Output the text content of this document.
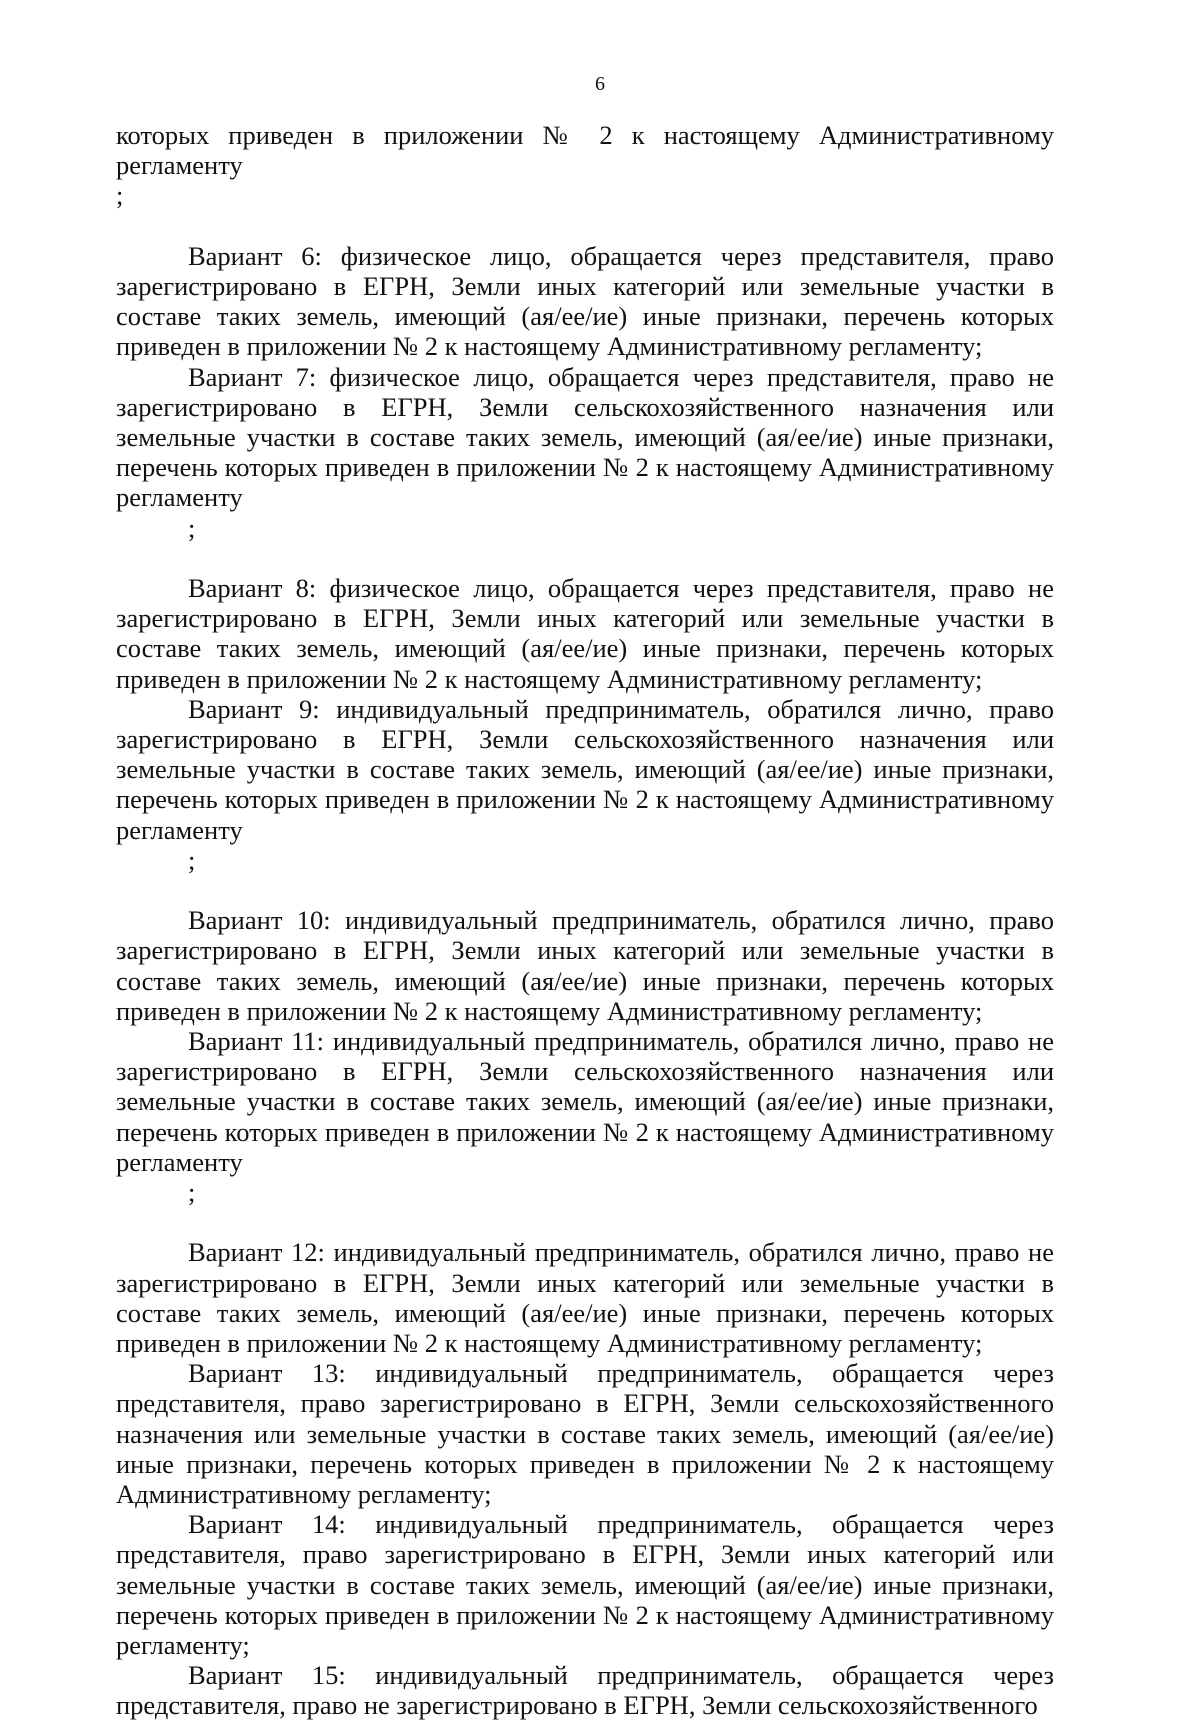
6

которых приведен в приложении № 2 к настоящему Административному регламенту
;

Вариант 6: физическое лицо, обращается через представителя, право зарегистрировано в ЕГРН, Земли иных категорий или земельные участки в составе таких земель, имеющий (ая/ее/ие) иные признаки, перечень которых приведен в приложении № 2 к настоящему Административному регламенту;

Вариант 7: физическое лицо, обращается через представителя, право не зарегистрировано в ЕГРН, Земли сельскохозяйственного назначения или земельные участки в составе таких земель, имеющий (ая/ее/ие) иные признаки, перечень которых приведен в приложении № 2 к настоящему Административному регламенту
;

Вариант 8: физическое лицо, обращается через представителя, право не зарегистрировано в ЕГРН, Земли иных категорий или земельные участки в составе таких земель, имеющий (ая/ее/ие) иные признаки, перечень которых приведен в приложении № 2 к настоящему Административному регламенту;

Вариант 9: индивидуальный предприниматель, обратился лично, право зарегистрировано в ЕГРН, Земли сельскохозяйственного назначения или земельные участки в составе таких земель, имеющий (ая/ее/ие) иные признаки, перечень которых приведен в приложении № 2 к настоящему Административному регламенту
;

Вариант 10: индивидуальный предприниматель, обратился лично, право зарегистрировано в ЕГРН, Земли иных категорий или земельные участки в составе таких земель, имеющий (ая/ее/ие) иные признаки, перечень которых приведен в приложении № 2 к настоящему Административному регламенту;

Вариант 11: индивидуальный предприниматель, обратился лично, право не зарегистрировано в ЕГРН, Земли сельскохозяйственного назначения или земельные участки в составе таких земель, имеющий (ая/ее/ие) иные признаки, перечень которых приведен в приложении № 2 к настоящему Административному регламенту
;

Вариант 12: индивидуальный предприниматель, обратился лично, право не зарегистрировано в ЕГРН, Земли иных категорий или земельные участки в составе таких земель, имеющий (ая/ее/ие) иные признаки, перечень которых приведен в приложении № 2 к настоящему Административному регламенту;

Вариант 13: индивидуальный предприниматель, обращается через представителя, право зарегистрировано в ЕГРН, Земли сельскохозяйственного назначения или земельные участки в составе таких земель, имеющий (ая/ее/ие) иные признаки, перечень которых приведен в приложении № 2 к настоящему Административному регламенту;

Вариант 14: индивидуальный предприниматель, обращается через представителя, право зарегистрировано в ЕГРН, Земли иных категорий или земельные участки в составе таких земель, имеющий (ая/ее/ие) иные признаки, перечень которых приведен в приложении № 2 к настоящему Административному регламенту;

Вариант 15: индивидуальный предприниматель, обращается через представителя, право не зарегистрировано в ЕГРН, Земли сельскохозяйственного
